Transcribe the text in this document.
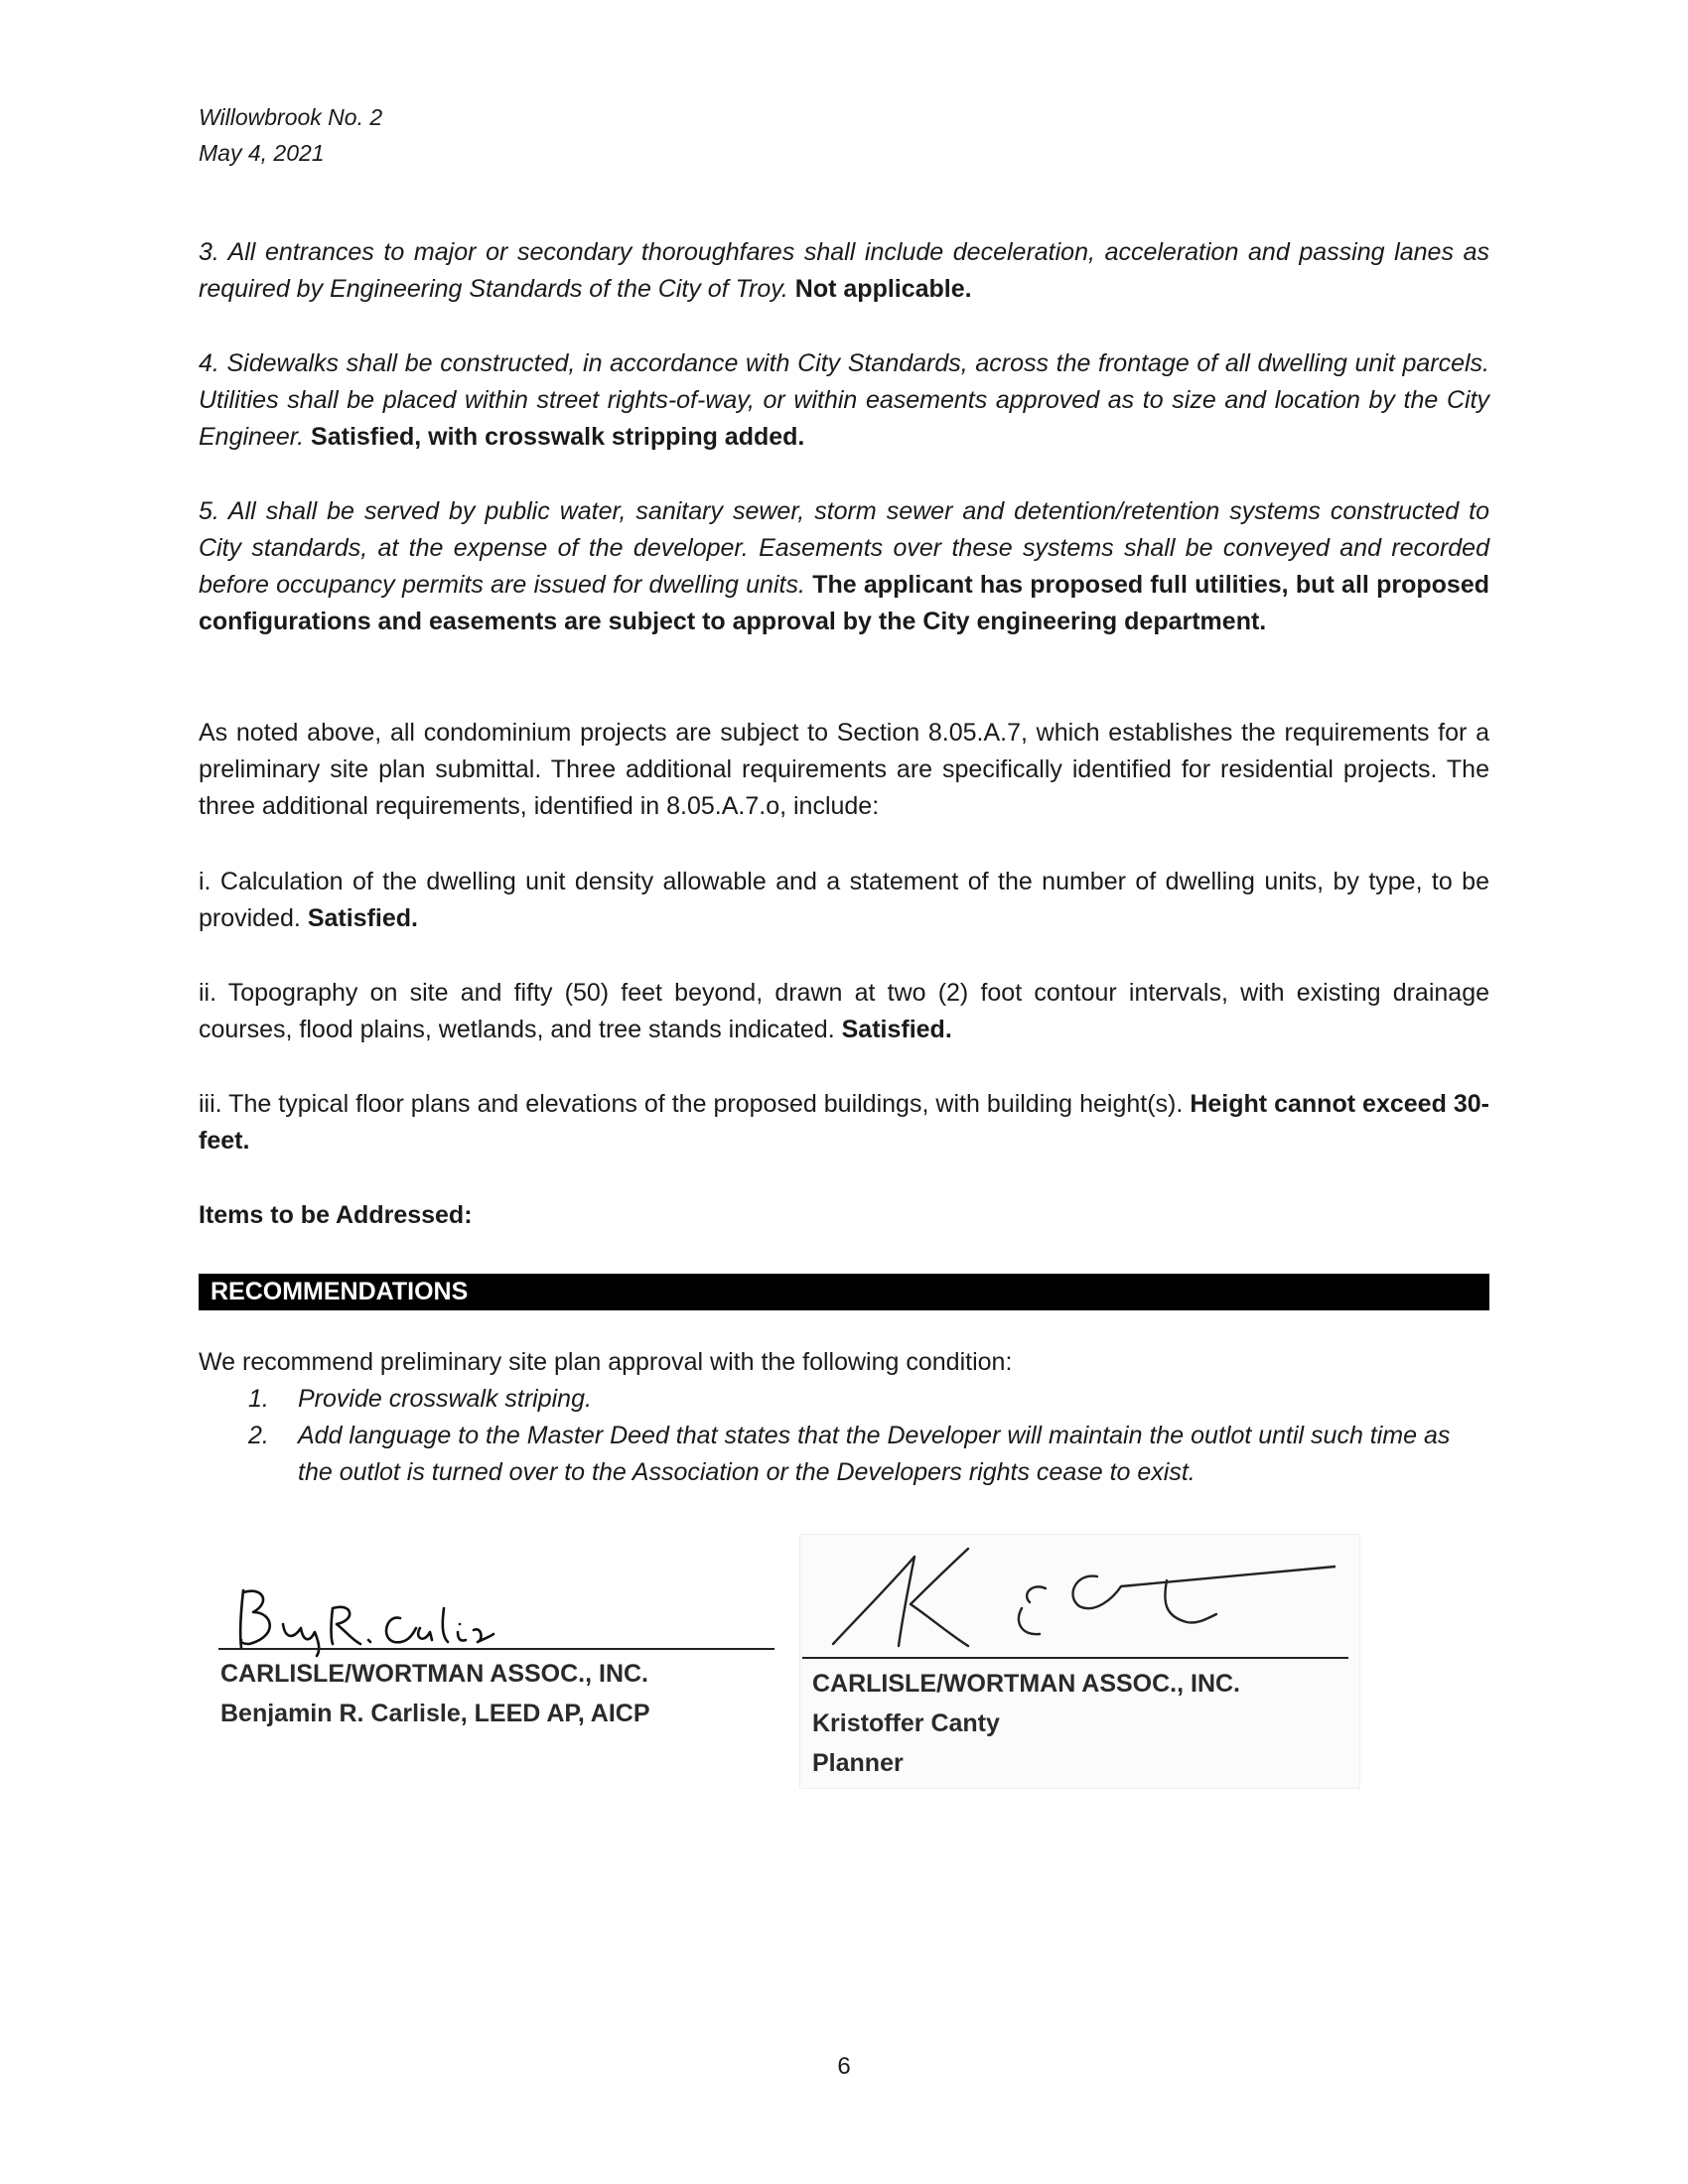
Willowbrook No. 2
May 4, 2021

3. All entrances to major or secondary thoroughfares shall include deceleration, acceleration and passing lanes as required by Engineering Standards of the City of Troy. Not applicable.

4. Sidewalks shall be constructed, in accordance with City Standards, across the frontage of all dwelling unit parcels. Utilities shall be placed within street rights-of-way, or within easements approved as to size and location by the City Engineer. Satisfied, with crosswalk stripping added.

5. All shall be served by public water, sanitary sewer, storm sewer and detention/retention systems constructed to City standards, at the expense of the developer. Easements over these systems shall be conveyed and recorded before occupancy permits are issued for dwelling units. The applicant has proposed full utilities, but all proposed configurations and easements are subject to approval by the City engineering department.

As noted above, all condominium projects are subject to Section 8.05.A.7, which establishes the requirements for a preliminary site plan submittal. Three additional requirements are specifically identified for residential projects. The three additional requirements, identified in 8.05.A.7.o, include:

i. Calculation of the dwelling unit density allowable and a statement of the number of dwelling units, by type, to be provided. Satisfied.

ii. Topography on site and fifty (50) feet beyond, drawn at two (2) foot contour intervals, with existing drainage courses, flood plains, wetlands, and tree stands indicated. Satisfied.

iii. The typical floor plans and elevations of the proposed buildings, with building height(s). Height cannot exceed 30-feet.

Items to be Addressed:
RECOMMENDATIONS

We recommend preliminary site plan approval with the following condition:

1. Provide crosswalk striping.
2. Add language to the Master Deed that states that the Developer will maintain the outlot until such time as the outlot is turned over to the Association or the Developers rights cease to exist.
CARLISLE/WORTMAN ASSOC., INC.
Benjamin R. Carlisle, LEED AP, AICP
CARLISLE/WORTMAN ASSOC., INC.
Kristoffer Canty
Planner
6
